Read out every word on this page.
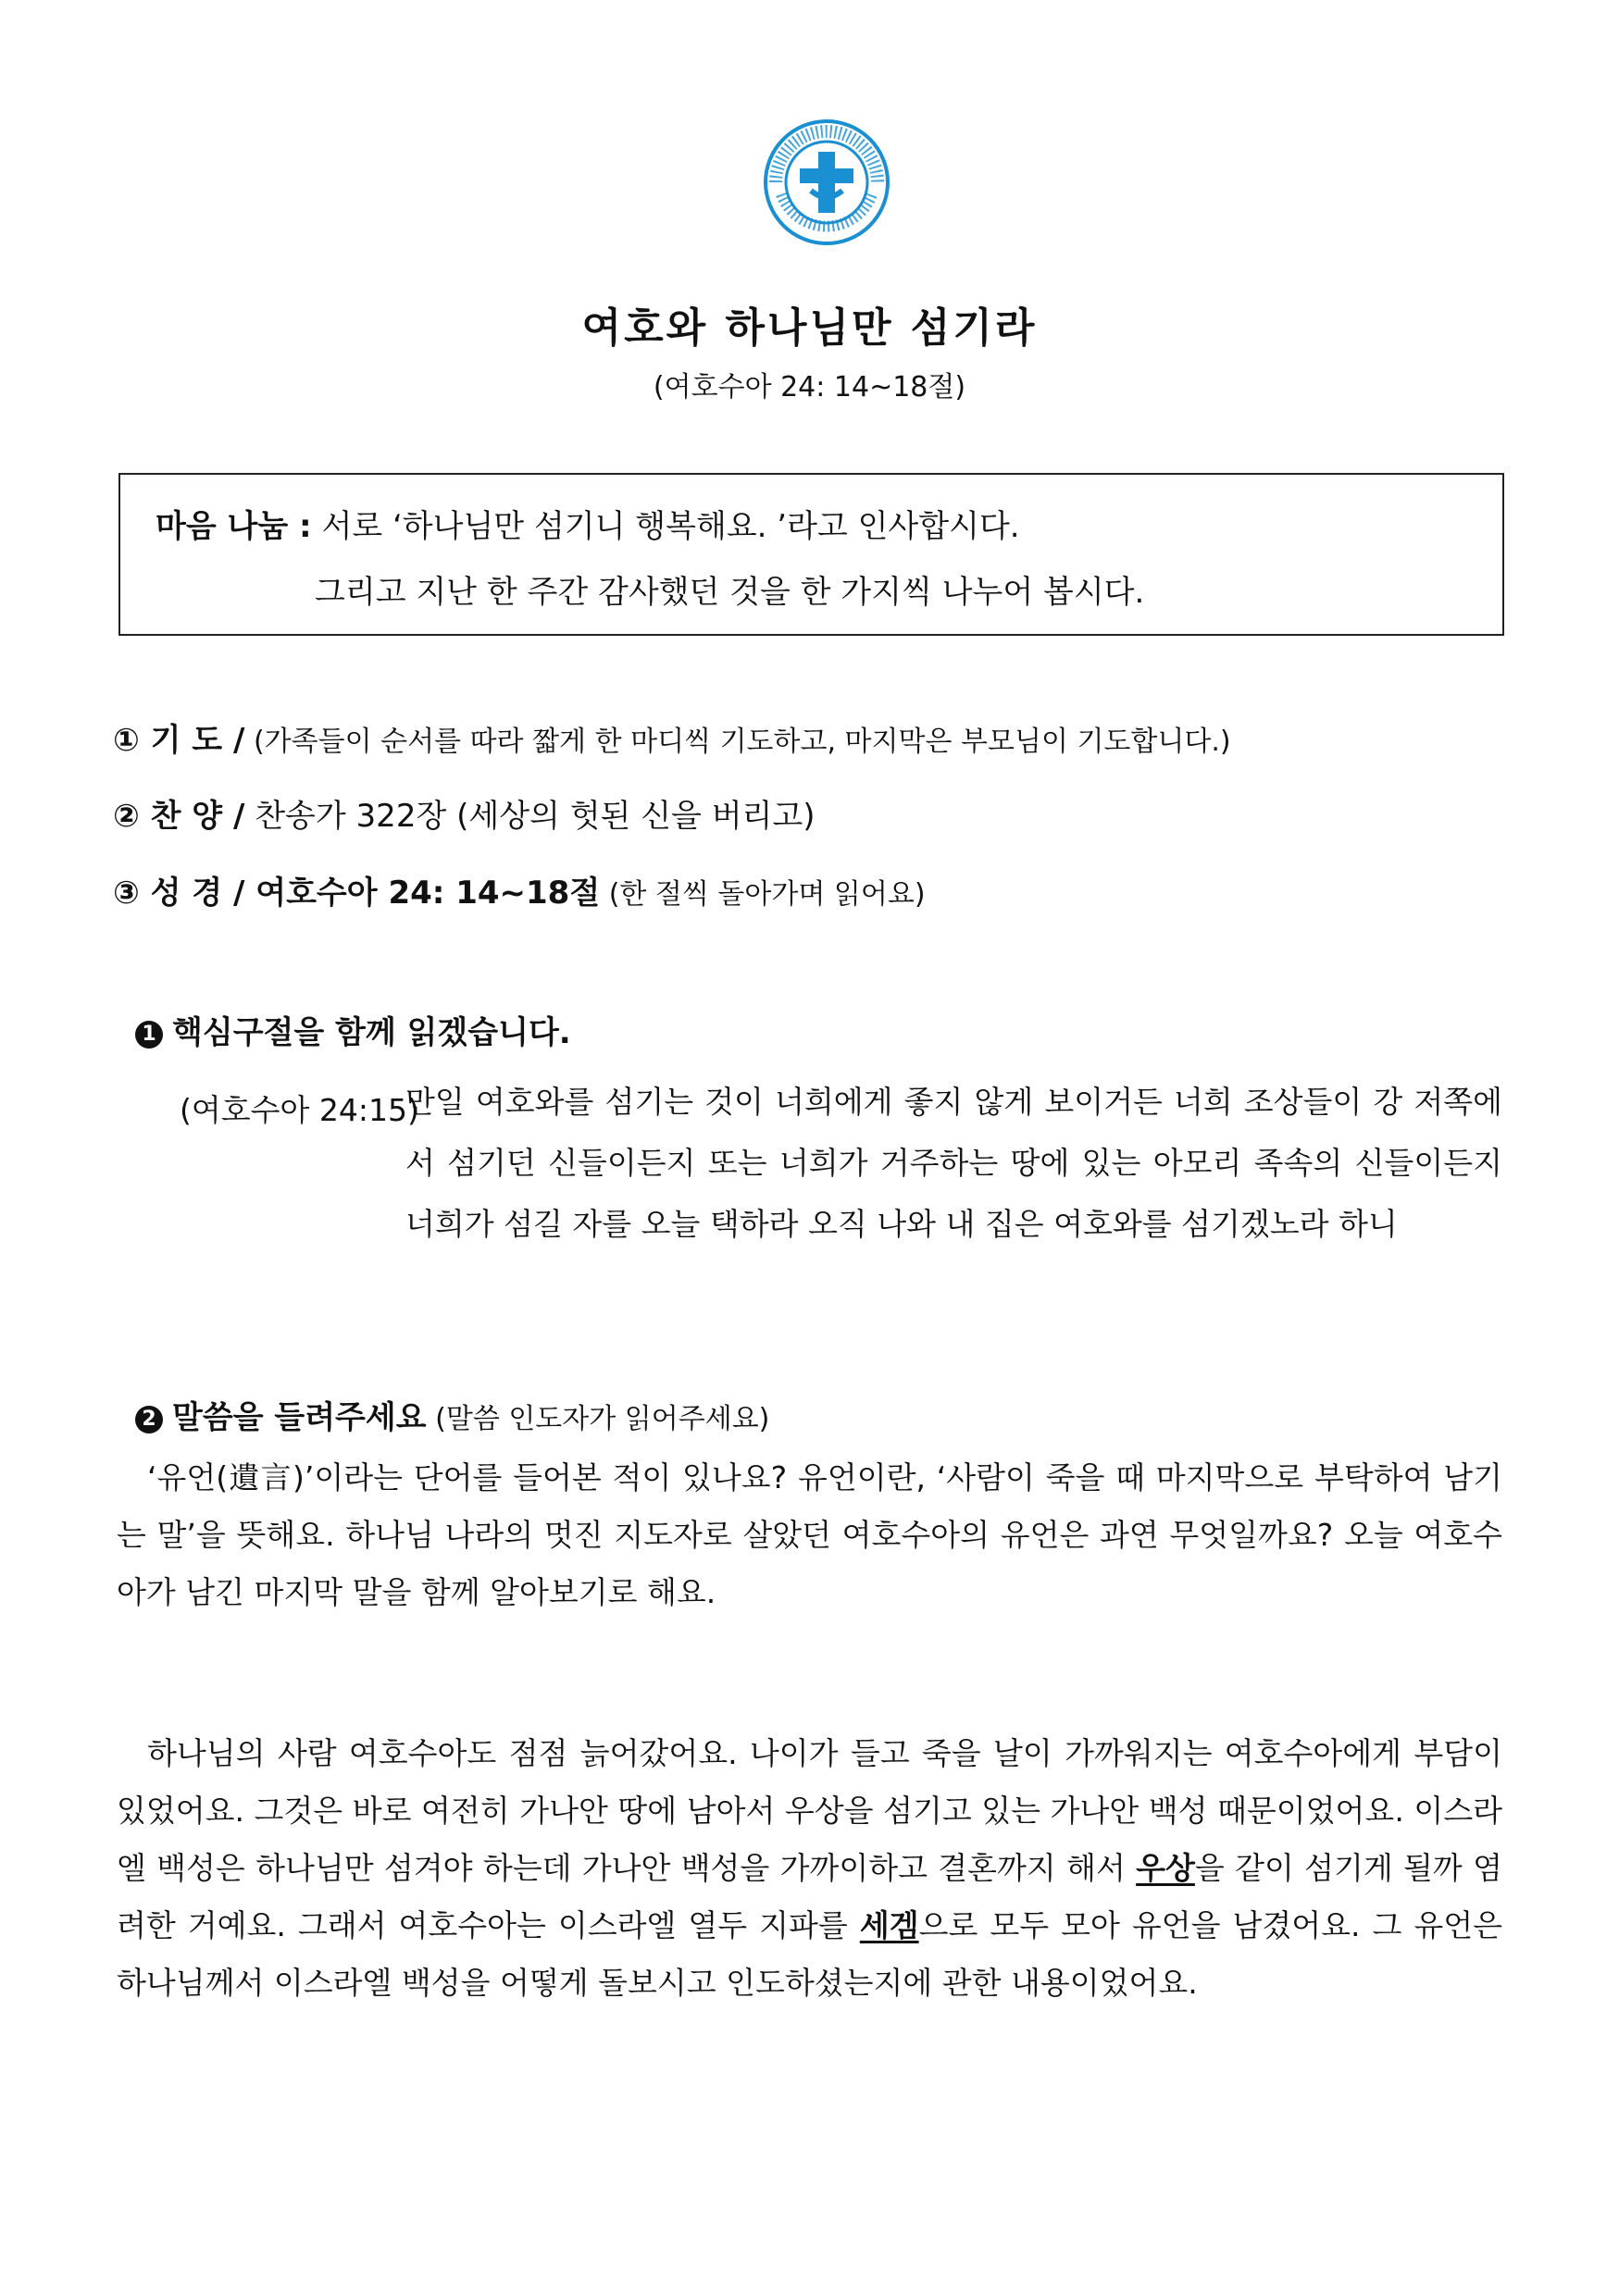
여호와 하나님만 섬기라
(여호수아 24: 14~18절)
마음 나눔 : 서로 ‘하나님만 섬기니 행복해요. ’라고 인사합시다.
그리고 지난 한 주간 감사했던 것을 한 가지씩 나누어 봅시다.
① 기 도 / (가족들이 순서를 따라 짧게 한 마디씩 기도하고, 마지막은 부모님이 기도합니다.)
② 찬 양 / 찬송가 322장 (세상의 헛된 신을 버리고)
③ 성 경 / 여호수아 24: 14~18절 (한 절씩 돌아가며 읽어요)
1 핵심구절을 함께 읽겠습니다.
(여호수아 24:15)
만일 여호와를 섬기는 것이 너희에게 좋지 않게 보이거든 너희 조상들이 강 저쪽에서 섬기던 신들이든지 또는 너희가 거주하는 땅에 있는 아모리 족속의 신들이든지 너희가 섬길 자를 오늘 택하라 오직 나와 내 집은 여호와를 섬기겠노라 하니
2 말씀을 들려주세요 (말씀 인도자가 읽어주세요)

‘유언(遺言)’이라는 단어를 들어본 적이 있나요? 유언이란, ‘사람이 죽을 때 마지막으로 부탁하여 남기는 말’을 뜻해요. 하나님 나라의 멋진 지도자로 살았던 여호수아의 유언은 과연 무엇일까요? 오늘 여호수아가 남긴 마지막 말을 함께 알아보기로 해요.

하나님의 사람 여호수아도 점점 늙어갔어요. 나이가 들고 죽을 날이 가까워지는 여호수아에게 부담이 있었어요. 그것은 바로 여전히 가나안 땅에 남아서 우상을 섬기고 있는 가나안 백성 때문이었어요. 이스라엘 백성은 하나님만 섬겨야 하는데 가나안 백성을 가까이하고 결혼까지 해서 우상을 같이 섬기게 될까 염려한 거예요. 그래서 여호수아는 이스라엘 열두 지파를 세겜으로 모두 모아 유언을 남겼어요. 그 유언은 하나님께서 이스라엘 백성을 어떻게 돌보시고 인도하셨는지에 관한 내용이었어요.
